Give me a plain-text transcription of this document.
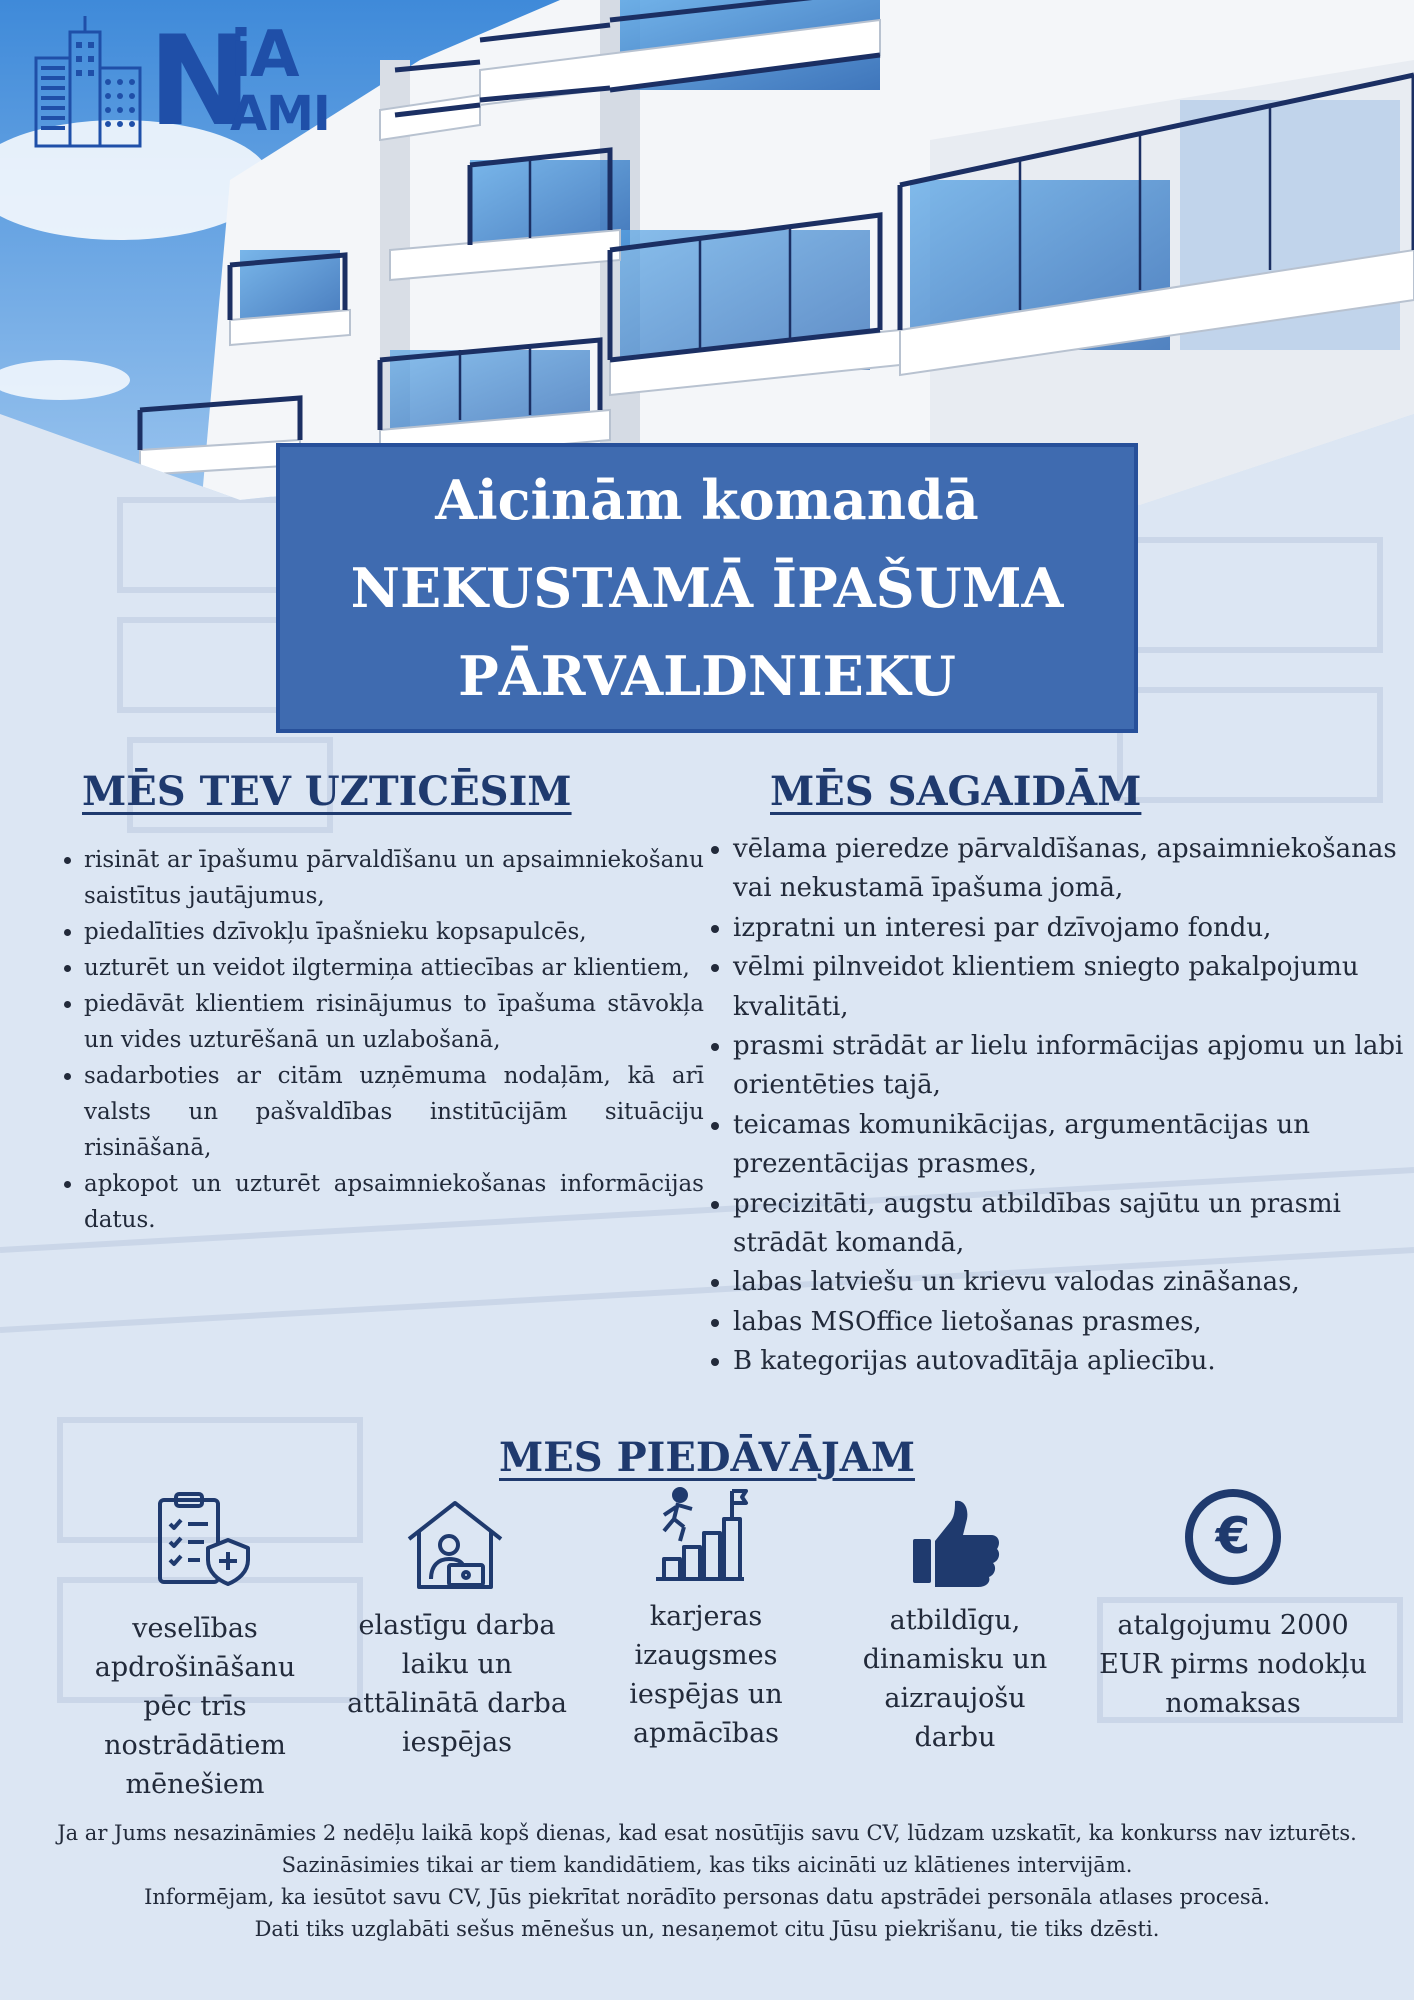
N
iA
AMI
Aicinām komandā
NEKUSTAMĀ ĪPAŠUMA
PĀRVALDNIEKU
MĒS TEV UZTICĒSIM
• risināt ar īpašumu pārvaldīšanu un apsaimniekošanu saistītus jautājumus,
• piedalīties dzīvokļu īpašnieku kopsapulcēs,
• uzturēt un veidot ilgtermiņa attiecības ar klientiem,
• piedāvāt klientiem risinājumus to īpašuma stāvokļa un vides uzturēšanā un uzlabošanā,
• sadarboties ar citām uzņēmuma nodaļām, kā arī valsts un pašvaldības institūcijām situāciju risināšanā,
• apkopot un uzturēt apsaimniekošanas informācijas datus.
MĒS SAGAIDĀM
• vēlama pieredze pārvaldīšanas, apsaimniekošanas vai nekustamā īpašuma jomā,
• izpratni un interesi par dzīvojamo fondu,
• vēlmi pilnveidot klientiem sniegto pakalpojumu kvalitāti,
• prasmi strādāt ar lielu informācijas apjomu un labi orientēties tajā,
• teicamas komunikācijas, argumentācijas un prezentācijas prasmes,
• precizitāti, augstu atbildības sajūtu un prasmi strādāt komandā,
• labas latviešu un krievu valodas zināšanas,
• labas MSOffice lietošanas prasmes,
• B kategorijas autovadītāja apliecību.
MES PIEDĀVĀJAM
€
veselības
apdrošināšanu
pēc trīs
nostrādātiem
mēnešiem
elastīgu darba
laiku un
attālinātā darba
iespējas
karjeras
izaugsmes
iespējas un
apmācības
atbildīgu,
dinamisku un
aizraujošu
darbu
atalgojumu 2000
EUR pirms nodokļu
nomaksas
Ja ar Jums nesazināmies 2 nedēļu laikā kopš dienas, kad esat nosūtījis savu CV, lūdzam uzskatīt, ka konkurss nav izturēts.
Sazināsimies tikai ar tiem kandidātiem, kas tiks aicināti uz klātienes intervijām.
Informējam, ka iesūtot savu CV, Jūs piekrītat norādīto personas datu apstrādei personāla atlases procesā.
Dati tiks uzglabāti sešus mēnešus un, nesaņemot citu Jūsu piekrišanu, tie tiks dzēsti.
